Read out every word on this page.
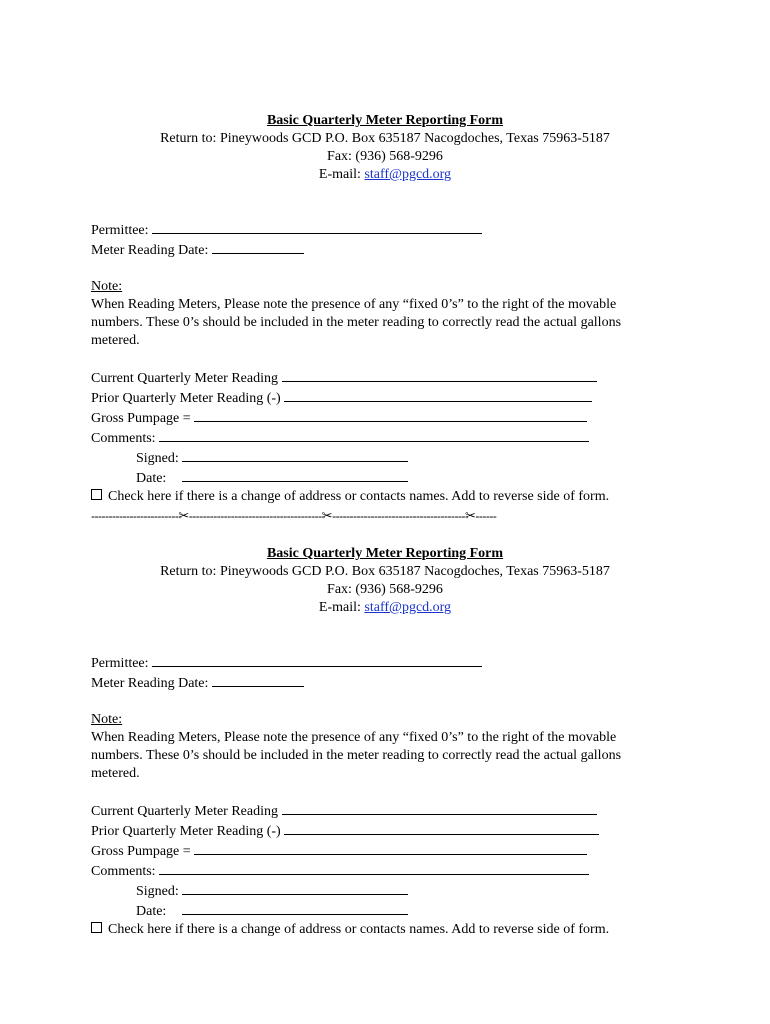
Basic Quarterly Meter Reporting Form
Return to: Pineywoods GCD P.O. Box 635187 Nacogdoches, Texas 75963-5187
Fax: (936) 568-9296
E-mail: staff@pgcd.org
Permittee:
Meter Reading Date:
Note:
When Reading Meters, Please note the presence of any “fixed 0’s” to the right of the movable numbers. These 0’s should be included in the meter reading to correctly read the actual gallons metered.
Current Quarterly Meter Reading
Prior Quarterly Meter Reading (-)
Gross Pumpage =
Comments:
Signed:
Date:
Check here if there is a change of address or contacts names. Add to reverse side of form.
-------------------------✂--------------------------------------✂--------------------------------------✂------
Basic Quarterly Meter Reporting Form
Return to: Pineywoods GCD P.O. Box 635187 Nacogdoches, Texas 75963-5187
Fax: (936) 568-9296
E-mail: staff@pgcd.org
Permittee:
Meter Reading Date:
Note:
When Reading Meters, Please note the presence of any “fixed 0’s” to the right of the movable numbers. These 0’s should be included in the meter reading to correctly read the actual gallons metered.
Current Quarterly Meter Reading
Prior Quarterly Meter Reading (-)
Gross Pumpage =
Comments:
Signed:
Date:
Check here if there is a change of address or contacts names. Add to reverse side of form.
